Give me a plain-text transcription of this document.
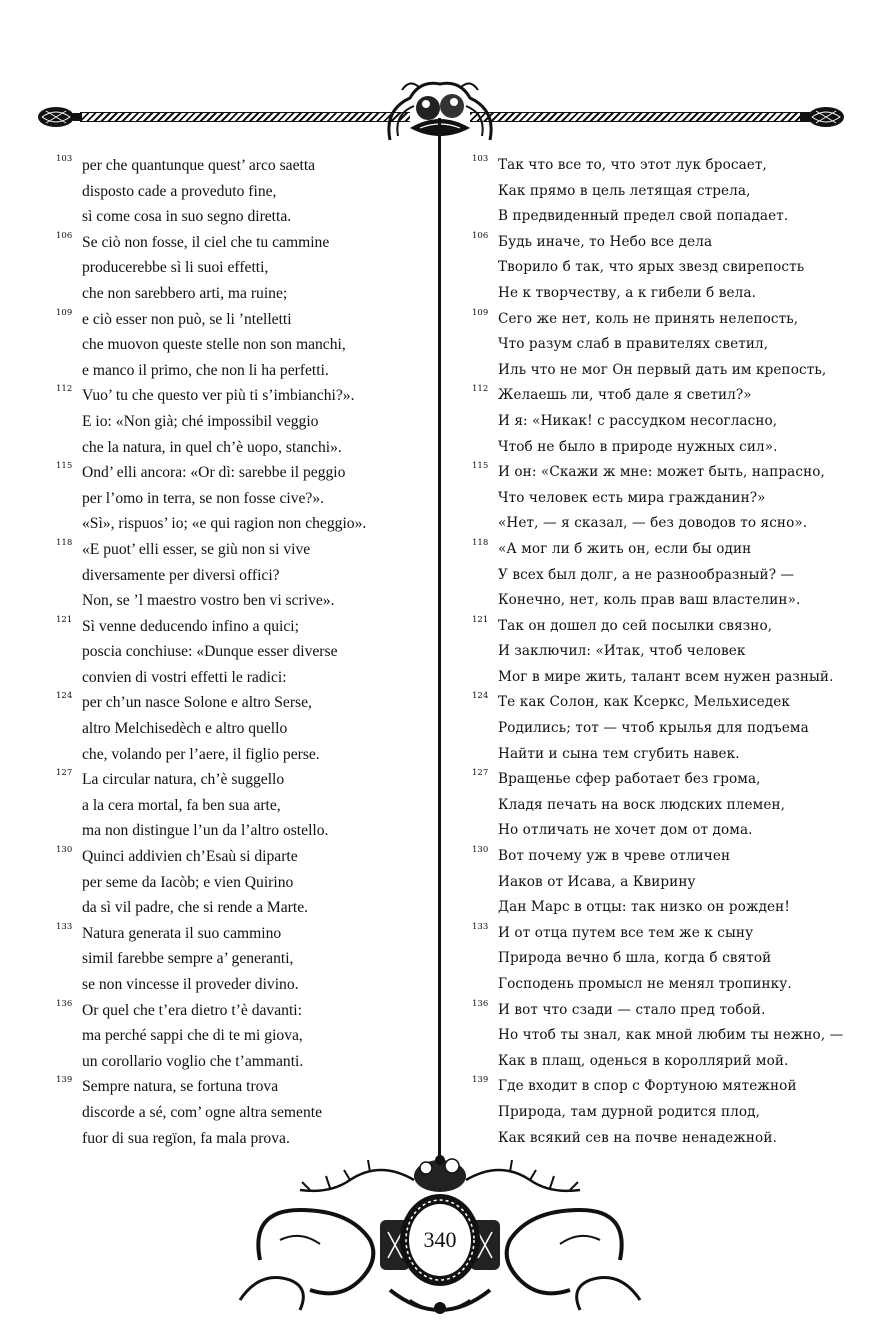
103 per che quantunque quest’ arco saetta
disposto cade a proveduto fine,
sì come cosa in suo segno diretta.
106 Se ciò non fosse, il ciel che tu cammine
producerebbe sì li suoi effetti,
che non sarebbero arti, ma ruine;
109 e ciò esser non può, se li ’ntelletti
che muovon queste stelle non son manchi,
e manco il primo, che non li ha perfetti.
112 Vuo’ tu che questo ver più ti s’imbianchi?».
E io: «Non già; ché impossibil veggio
che la natura, in quel ch’è uopo, stanchi».
115 Ond’ elli ancora: «Or dì: sarebbe il peggio
per l’omo in terra, se non fosse cive?».
«Sì», rispuos’ io; «e qui ragion non cheggio».
118 «E puot’ elli esser, se giù non si vive
diversamente per diversi offici?
Non, se ’l maestro vostro ben vi scrive».
121 Sì venne deducendo infino a quici;
poscia conchiuse: «Dunque esser diverse
convien di vostri effetti le radici:
124 per ch’un nasce Solone e altro Serse,
altro Melchisedèch e altro quello
che, volando per l’aere, il figlio perse.
127 La circular natura, ch’è suggello
a la cera mortal, fa ben sua arte,
ma non distingue l’un da l’altro ostello.
130 Quinci addivien ch’Esaù si diparte
per seme da Iacòb; e vien Quirino
da sì vil padre, che si rende a Marte.
133 Natura generata il suo cammino
simil farebbe sempre a’ generanti,
se non vincesse il proveder divino.
136 Or quel che t’era dietro t’è davanti:
ma perché sappi che di te mi giova,
un corollario voglio che t’ammanti.
139 Sempre natura, se fortuna trova
discorde a sé, com’ ogne altra semente
fuor di sua regïon, fa mala prova.
103 Так что все то, что этот лук бросает,
Как прямо в цель летящая стрела,
В предвиденный предел свой попадает.
106 Будь иначе, то Небо все дела
Творило б так, что ярых звезд свирепость
Не к творчеству, а к гибели б вела.
109 Сего же нет, коль не принять нелепость,
Что разум слаб в правителях светил,
Иль что не мог Он первый дать им крепость,
112 Желаешь ли, чтоб дале я светил?»
И я: «Никак! с рассудком несогласно,
Чтоб не было в природе нужных сил».
115 И он: «Скажи ж мне: может быть, напрасно,
Что человек есть мира гражданин?»
«Нет, — я сказал, — без доводов то ясно».
118 «А мог ли б жить он, если бы один
У всех был долг, а не разнообразный? —
Конечно, нет, коль прав ваш властелин».
121 Так он дошел до сей посылки связно,
И заключил: «Итак, чтоб человек
Мог в мире жить, талант всем нужен разный.
124 Те как Солон, как Ксеркс, Мельхиседек
Родились; тот — чтоб крылья для подъема
Найти и сына тем сгубить навек.
127 Вращенье сфер работает без грома,
Кладя печать на воск людских племен,
Но отличать не хочет дом от дома.
130 Вот почему уж в чреве отличен
Иаков от Исава, а Квирину
Дан Марс в отцы: так низко он рожден!
133 И от отца путем все тем же к сыну
Природа вечно б шла, когда б святой
Господень промысл не менял тропинку.
136 И вот что сзади — стало пред тобой.
Но чтоб ты знал, как мной любим ты нежно, —
Как в плащ, оденься в короллярий мой.
139 Где входит в спор с Фортуною мятежной
Природа, там дурной родится плод,
Как всякий сев на почве ненадежной.
340
